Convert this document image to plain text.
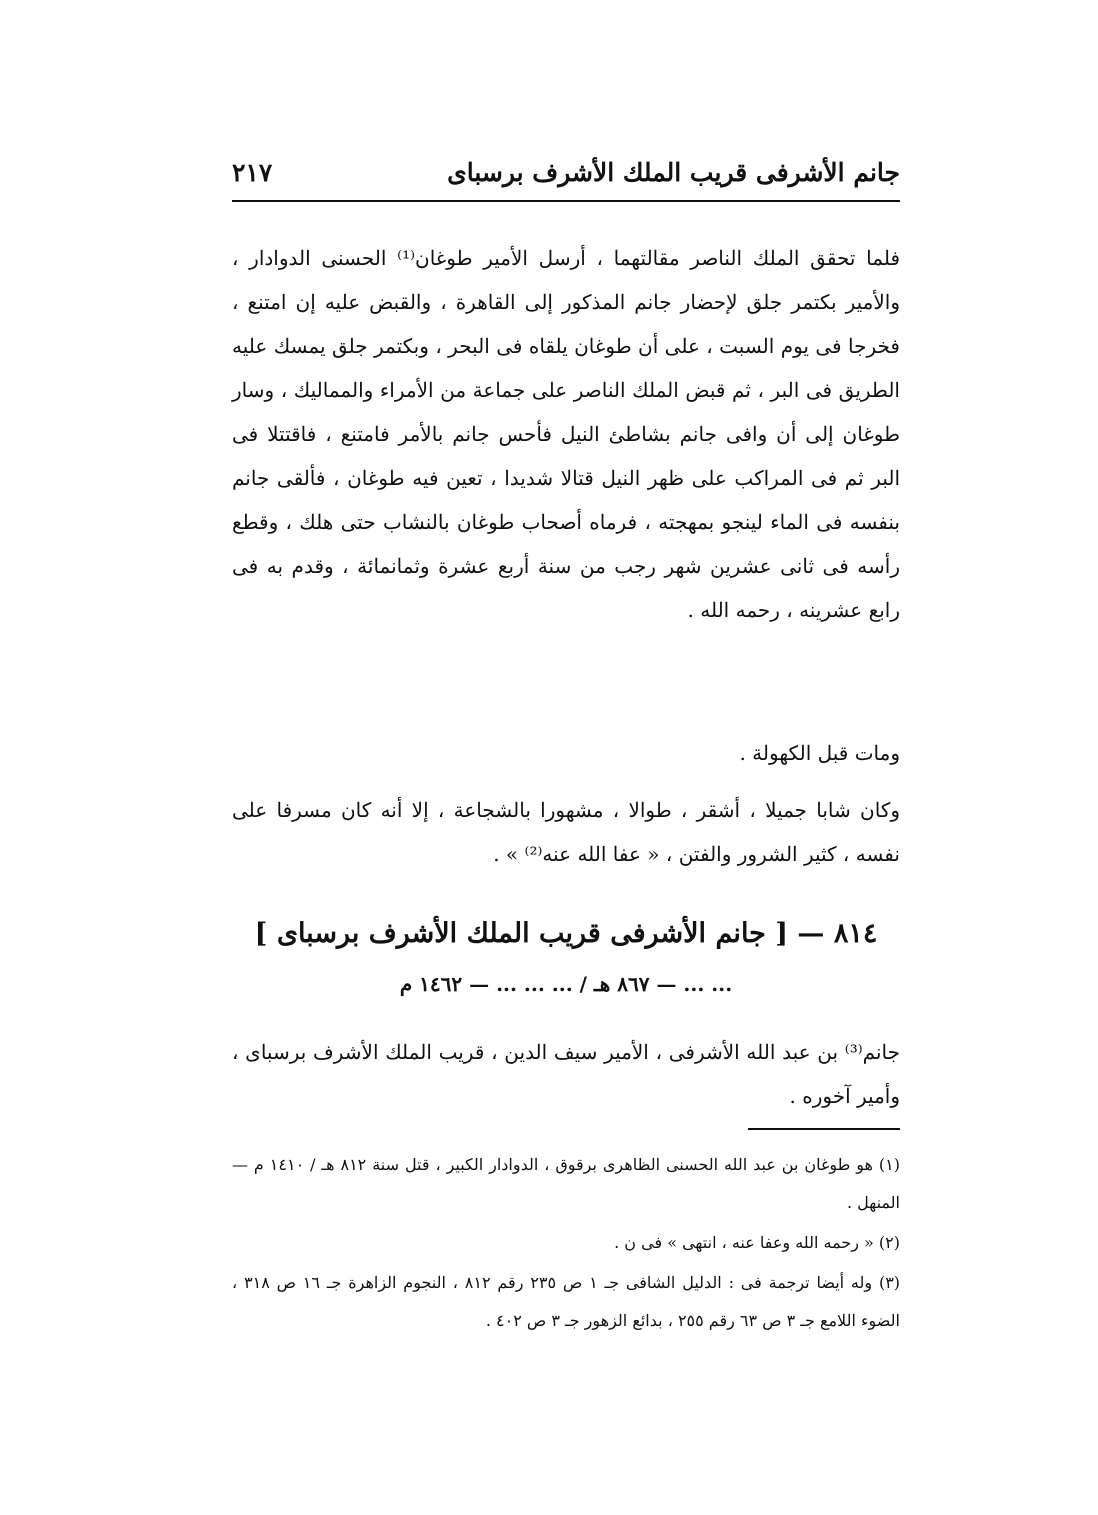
جانم الأشرفى قريب الملك الأشرف برسباى
٢١٧

فلما تحقق الملك الناصر مقالتهما ، أرسل الأمير طوغان⁽¹⁾ الحسنى الدوادار ، والأمير بكتمر جلق لإحضار جانم المذكور إلى القاهرة ، والقبض عليه إن امتنع ، فخرجا فى يوم السبت ، على أن طوغان يلقاه فى البحر ، وبكتمر جلق يمسك عليه الطريق فى البر ، ثم قبض الملك الناصر على جماعة من الأمراء والمماليك ، وسار طوغان إلى أن وافى جانم بشاطئ النيل فأحس جانم بالأمر فامتنع ، فاقتتلا فى البر ثم فى المراكب على ظهر النيل قتالا شديدا ، تعين فيه طوغان ، فألقى جانم بنفسه فى الماء لينجو بمهجته ، فرماه أصحاب طوغان بالنشاب حتى هلك ، وقطع رأسه فى ثانى عشرين شهر رجب من سنة أربع عشرة وثمانمائة ، وقدم به فى رابع عشرينه ، رحمه الله .

ومات قبل الكهولة .

وكان شابا جميلا ، أشقر ، طوالا ، مشهورا بالشجاعة ، إلا أنه كان مسرفا على نفسه ، كثير الشرور والفتن ، « عفا الله عنه⁽²⁾ » .

٨١٤ — [ جانم الأشرفى قريب الملك الأشرف برسباى ]
... ... — ٨٦٧ هـ / ... ... ... — ١٤٦٢ م

جانم⁽³⁾ بن عبد الله الأشرفى ، الأمير سيف الدين ، قريب الملك الأشرف برسباى ، وأمير آخوره .

(١) هو طوغان بن عبد الله الحسنى الظاهرى برقوق ، الدوادار الكبير ، قتل سنة ٨١٢ هـ / ١٤١٠ م — المنهل .

(٢) « رحمه الله وعفا عنه ، انتهى » فى ن .

(٣) وله أيضا ترجمة فى : الدليل الشافى جـ ١ ص ٢٣٥ رقم ٨١٢ ، النجوم الزاهرة جـ ١٦ ص ٣١٨ ، الضوء اللامع جـ ٣ ص ٦٣ رقم ٢٥٥ ، بدائع الزهور جـ ٣ ص ٤٠٢ .
